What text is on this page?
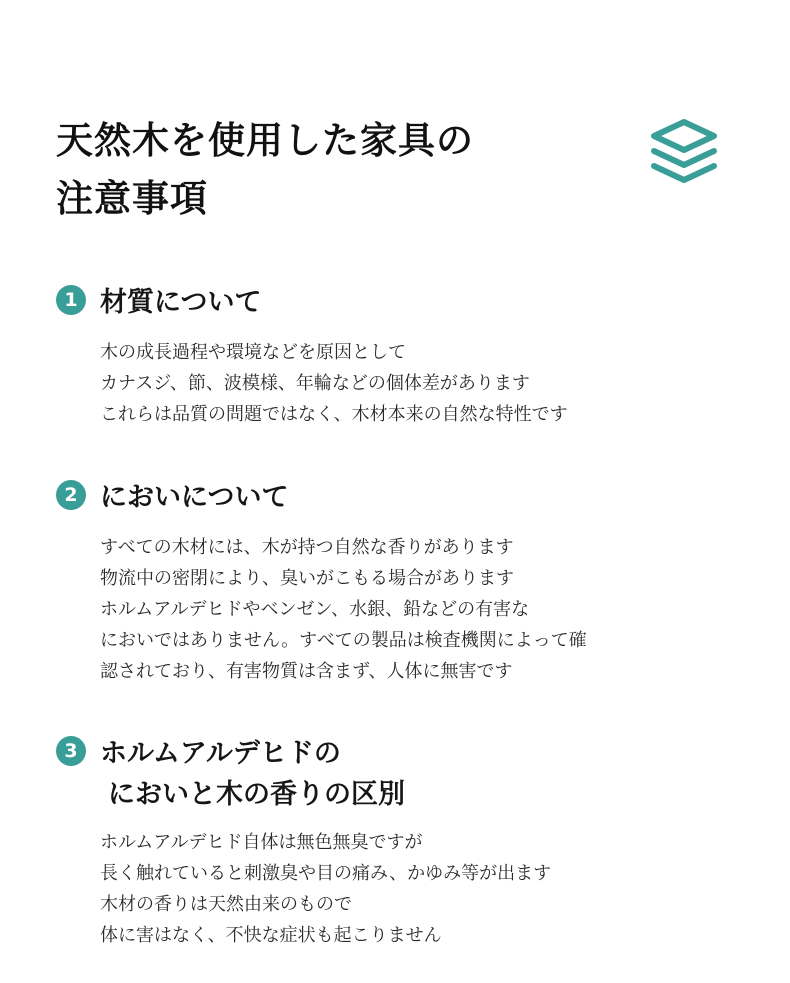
天然木を使用した家具の
注意事項
1 材質について

木の成長過程や環境などを原因として
カナスジ、節、波模様、年輪などの個体差があります
これらは品質の問題ではなく、木材本来の自然な特性です

2 においについて

すべての木材には、木が持つ自然な香りがあります
物流中の密閉により、臭いがこもる場合があります
ホルムアルデヒドやベンゼン、水銀、鉛などの有害な
においではありません。すべての製品は検査機関によって確
認されており、有害物質は含まず、人体に無害です

3 ホルムアルデヒドの
においと木の香りの区別

ホルムアルデヒド自体は無色無臭ですが
長く触れていると刺激臭や目の痛み、かゆみ等が出ます
木材の香りは天然由来のもので
体に害はなく、不快な症状も起こりません
